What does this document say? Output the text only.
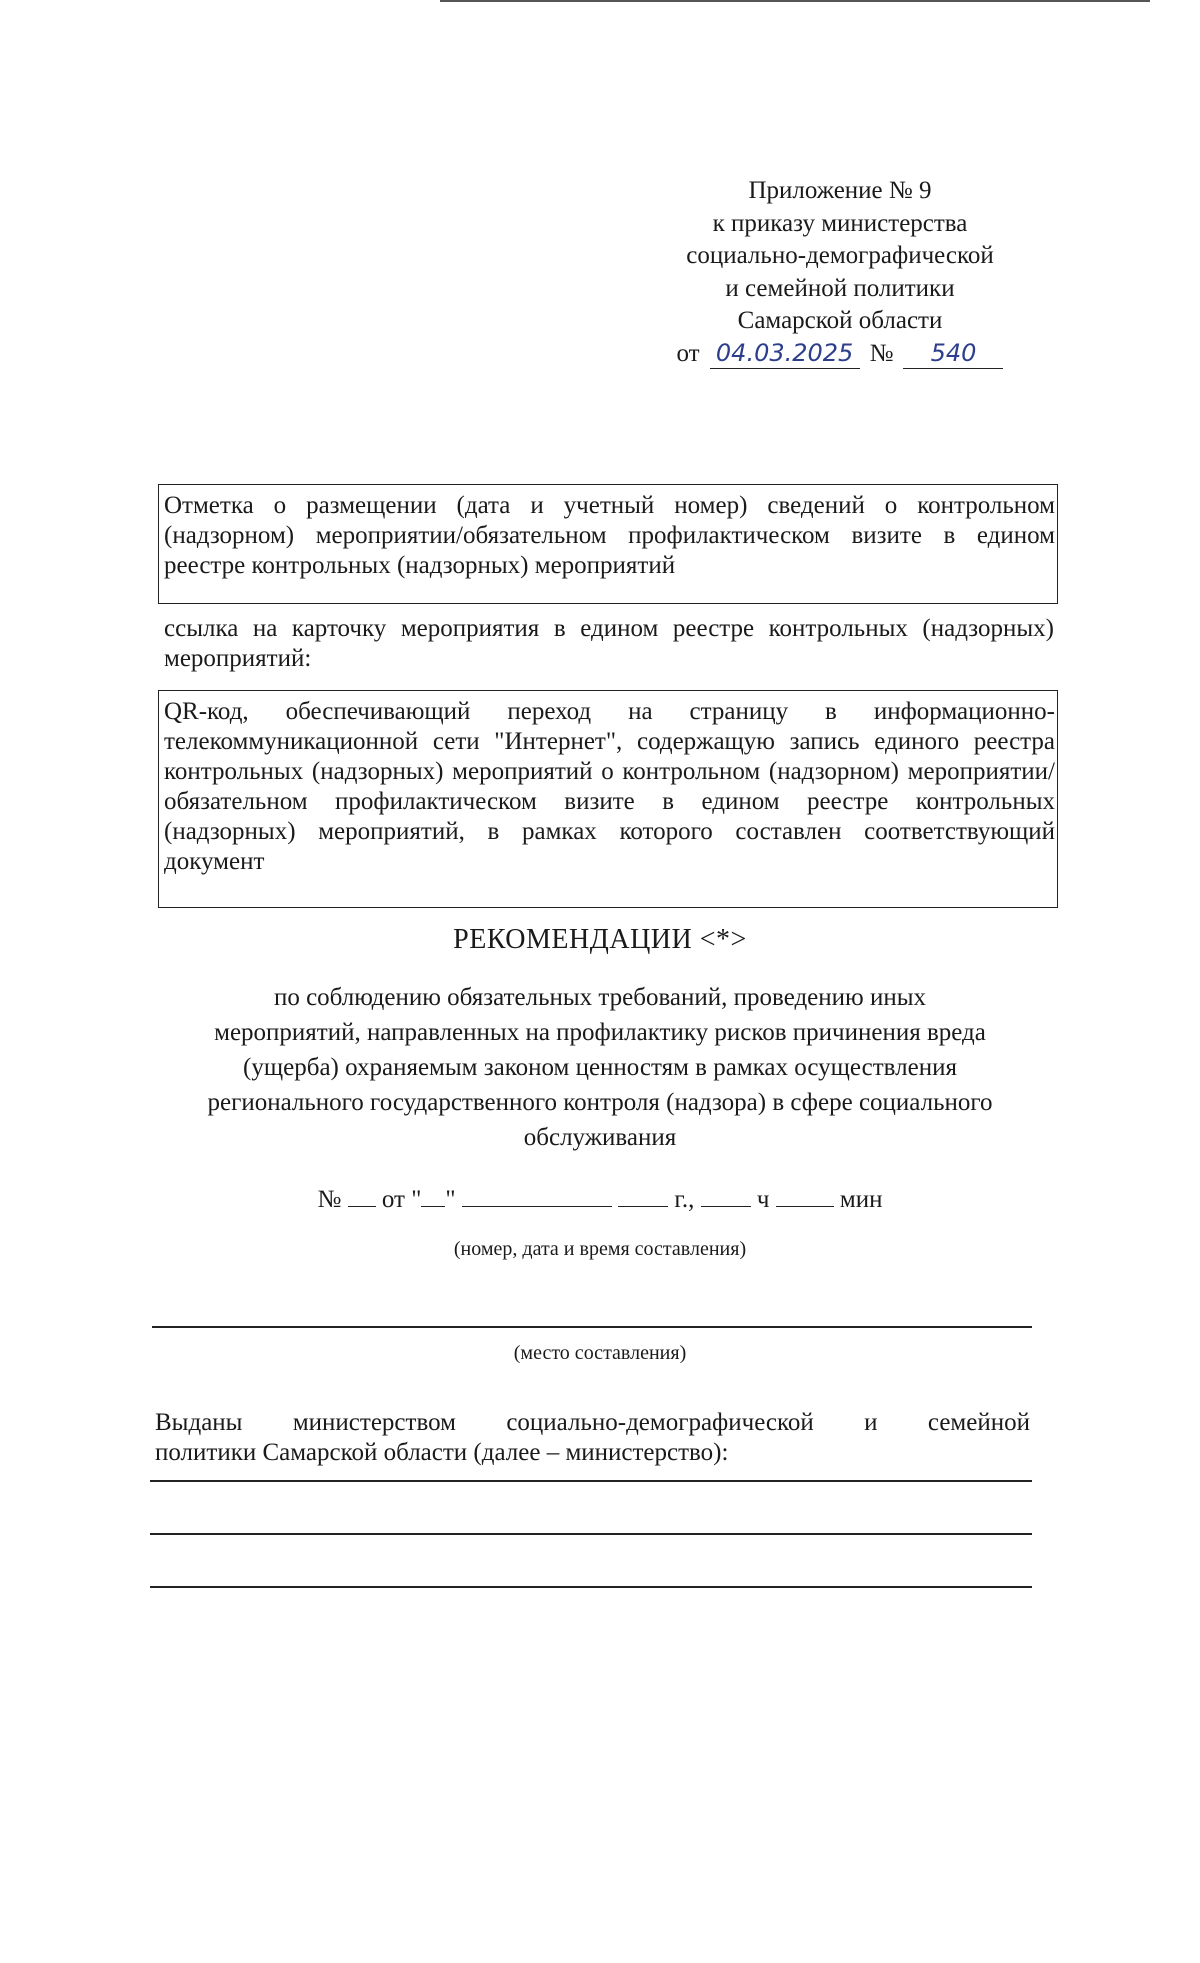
Приложение № 9
к приказу министерства
социально-демографической
и семейной политики
Самарской области
от 04.03.2025 №	540
Отметка о размещении (дата и учетный номер) сведений о контрольном (надзорном) мероприятии/обязательном профилактическом визите в едином реестре контрольных (надзорных) мероприятий
ссылка на карточку мероприятия в едином реестре контрольных (надзорных) мероприятий:
QR-код, обеспечивающий переход на страницу в информационно-телекоммуникационной сети "Интернет", содержащую запись единого реестра контрольных (надзорных) мероприятий о контрольном (надзорном) мероприятии/обязательном профилактическом визите в едином реестре контрольных (надзорных) мероприятий, в рамках которого составлен соответствующий документ
РЕКОМЕНДАЦИИ <*>
по соблюдению обязательных требований, проведению иных
мероприятий, направленных на профилактику рисков причинения вреда
(ущерба) охраняемым законом ценностям в рамках осуществления
регионального государственного контроля (надзора) в сфере социального
обслуживания
№ от " "	г.,	ч	мин
(номер, дата и время составления)
(место составления)
Выданы министерством социально-демографической и семейной
политики Самарской области (далее – министерство):
